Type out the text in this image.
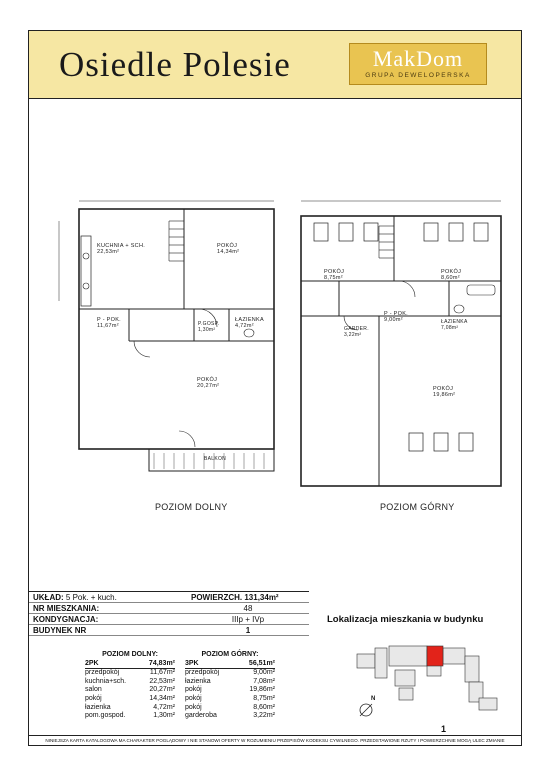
Osiedle Polesie	MakDom
GRUPA DEWELOPERSKA
KUCHNIA + SCH.
22,53m²
POKÓJ
14,34m²
P - POK.
11,67m²
ŁAZIENKA
4,72m²
P.GOSP.
1,30m²
POKÓJ
20,27m²
BALKON
POKÓJ
8,75m²
POKÓJ
8,60m²
P - POK.
9,00m²	ŁAZIENKA
7,08m²
GARDER.
3,22m²
POKÓJ
19,86m²
POZIOM DOLNY	POZIOM GÓRNY
UKŁAD: 5 Pok. + kuch.	POWIERZCH. 131,34m²
NR MIESZKANIA:	48
KONDYGNACJA:	IIIp + IVp
BUDYNEK NR	1
POZIOM DOLNY:
2PK	74,83m²
przedpokój	11,67m²
kuchnia+sch.	22,53m²
salon	20,27m²
pokój	14,34m²
łazienka	4,72m²
pom.gospod.	1,30m²
POZIOM GÓRNY:
3PK	56,51m²
przedpokój	9,00m²
łazienka	7,08m²
pokój	19,86m²
pokój	8,75m²
pokój	8,60m²
garderoba	3,22m²
Lokalizacja mieszkania w budynku
N
1
NINIEJSZA KARTA KATALOGOWA MA CHARAKTER POGLĄDOWY I NIE STANOWI OFERTY W ROZUMIENIU PRZEPISÓW KODEKSU CYWILNEGO. PRZEDSTAWIONE RZUTY I POWIERZCHNIE MOGĄ ULEC ZMIANIE
